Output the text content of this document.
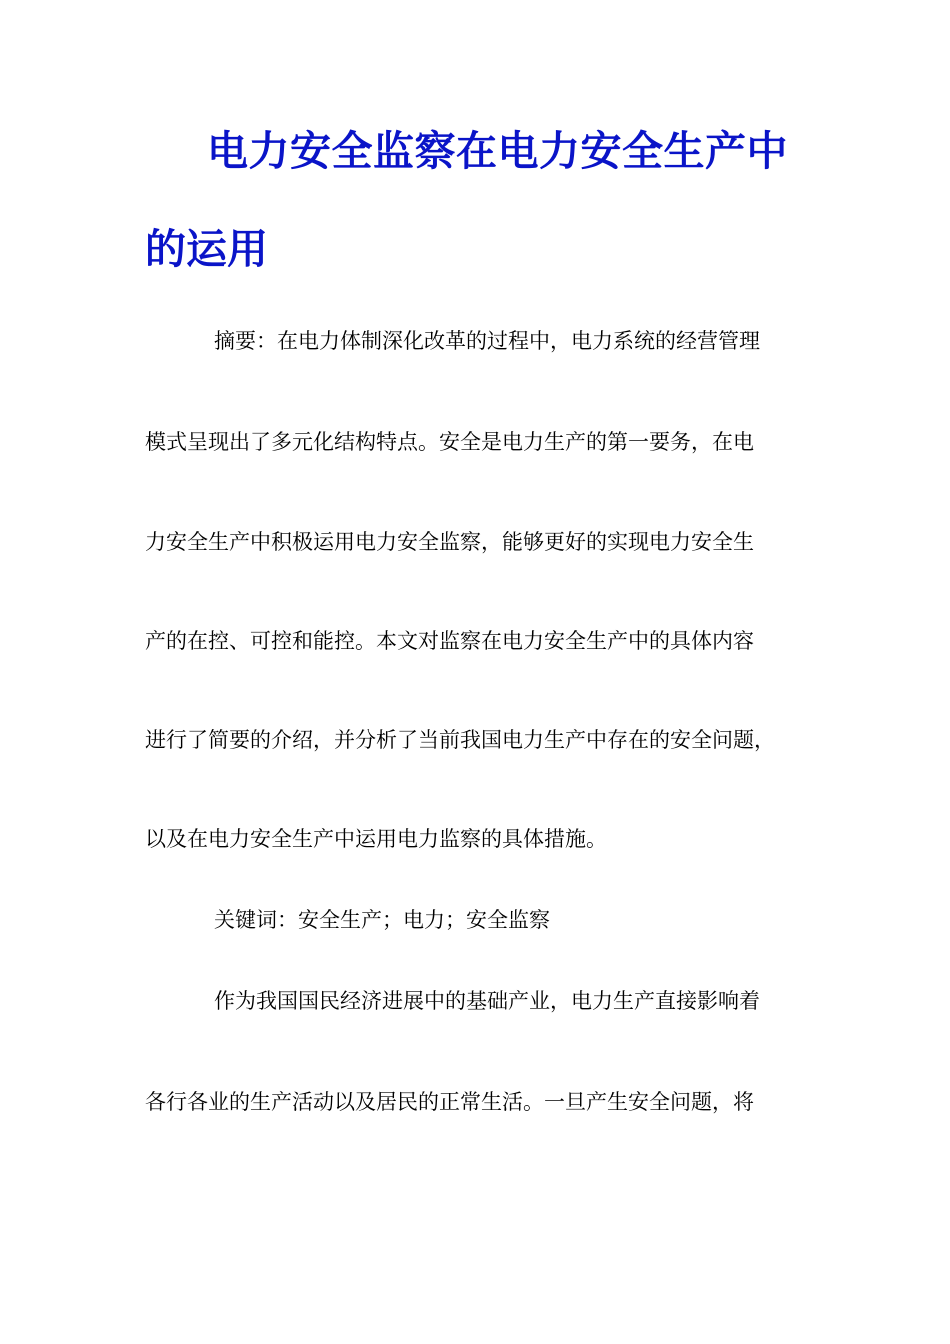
电力安全监察在电力安全生产中
的运用
摘要：在电力体制深化改革的过程中，电力系统的经营管理
模式呈现出了多元化结构特点。安全是电力生产的第一要务，在电
力安全生产中积极运用电力安全监察，能够更好的实现电力安全生
产的在控、可控和能控。本文对监察在电力安全生产中的具体内容
进行了简要的介绍，并分析了当前我国电力生产中存在的安全问题，
以及在电力安全生产中运用电力监察的具体措施。
关键词：安全生产；电力；安全监察
作为我国国民经济进展中的基础产业，电力生产直接影响着
各行各业的生产活动以及居民的正常生活。一旦产生安全问题，将
